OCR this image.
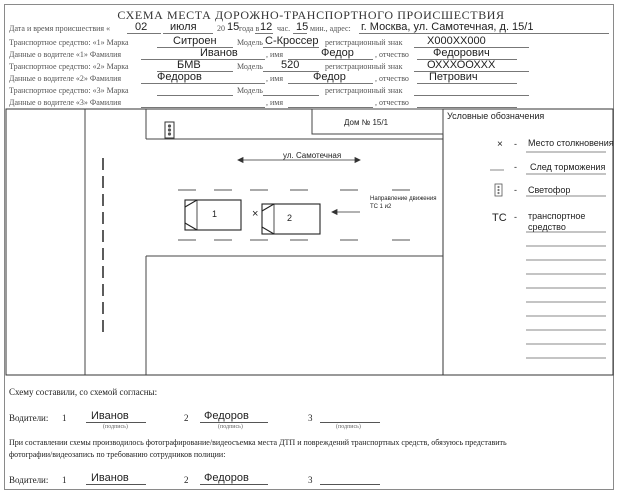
СХЕМА МЕСТА ДОРОЖНО-ТРАНСПОРТНОГО ПРОИСШЕСТВИЯ
Дата и время происшествия « 02 июля	20 15 года в 12 час. 15 мин., адрес: г. Москва, ул. Самотечная, д. 15/1
Транспортное средство: «1» Марка	Ситроен	Модель С-Кроссер регистрационный знак Х000ХХ000
Данные о водителе «1» Фамилия	Иванов	, имя	Федор	, отчество Федорович
Транспортное средство: «2» Марка	БМВ	Модель 520	регистрационный знак ОХХХООХХХ
Данные о водителе «2» Фамилия	Федоров	, имя	Федор	, отчество Петрович
Транспортное средство: «3» Марка	Модель	регистрационный знак
Данные о водителе «3» Фамилия	, имя	, отчество
Дом № 15/1
ул. Самотечная
Направление движения
ТС 1 и2
1	2
×
Условные обозначения
× - Место столкновения
- След торможения
- Светофор
ТС - транспортное средство
Схему составили, со схемой согласны:
Водители: 1 Иванов
(подпись)
2 Федоров
(подпись)
3
(подпись)
При составлении схемы производилось фотографирование/видеосъемка места ДТП и повреждений транспортных средств, обязуюсь представить
фотографии/видеозапись по требованию сотрудников полиции:
Водители: 1 Иванов	2 Федоров	3
